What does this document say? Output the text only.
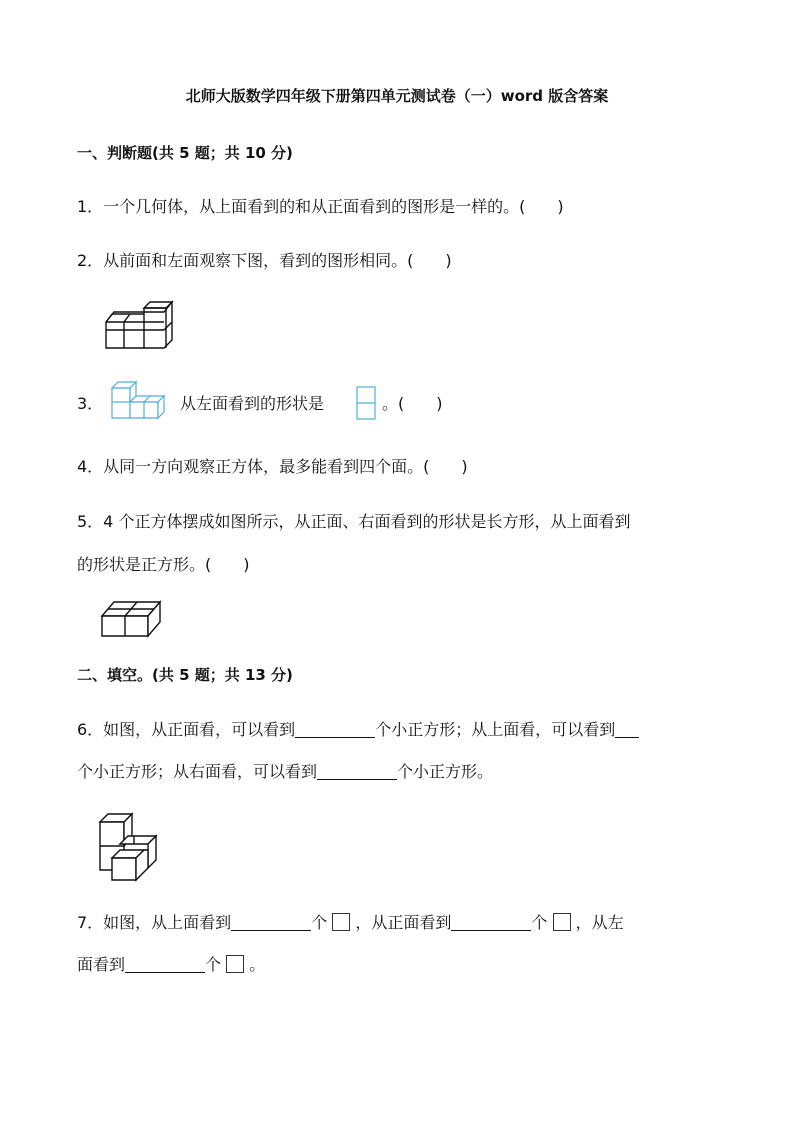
北师大版数学四年级下册第四单元测试卷（一）word 版含答案
一、判断题(共 5 题；共 10 分)
1．一个几何体，从上面看到的和从正面看到的图形是一样的。(　　)
2．从前面和左面观察下图，看到的图形相同。(　　)
3．	从左面看到的形状是	。(　　)
4．从同一方向观察正方体，最多能看到四个面。(　　)
5．4 个正方体摆成如图所示，从正面、右面看到的形状是长方形，从上面看到
的形状是正方形。(　　)
二、填空。(共 5 题；共 13 分)
6．如图，从正面看，可以看到	个小正方形；从上面看，可以看到
个小正方形；从右面看，可以看到	个小正方形。
7．如图，从上面看到	个 ，从正面看到	个 ，从左
面看到	个 。
